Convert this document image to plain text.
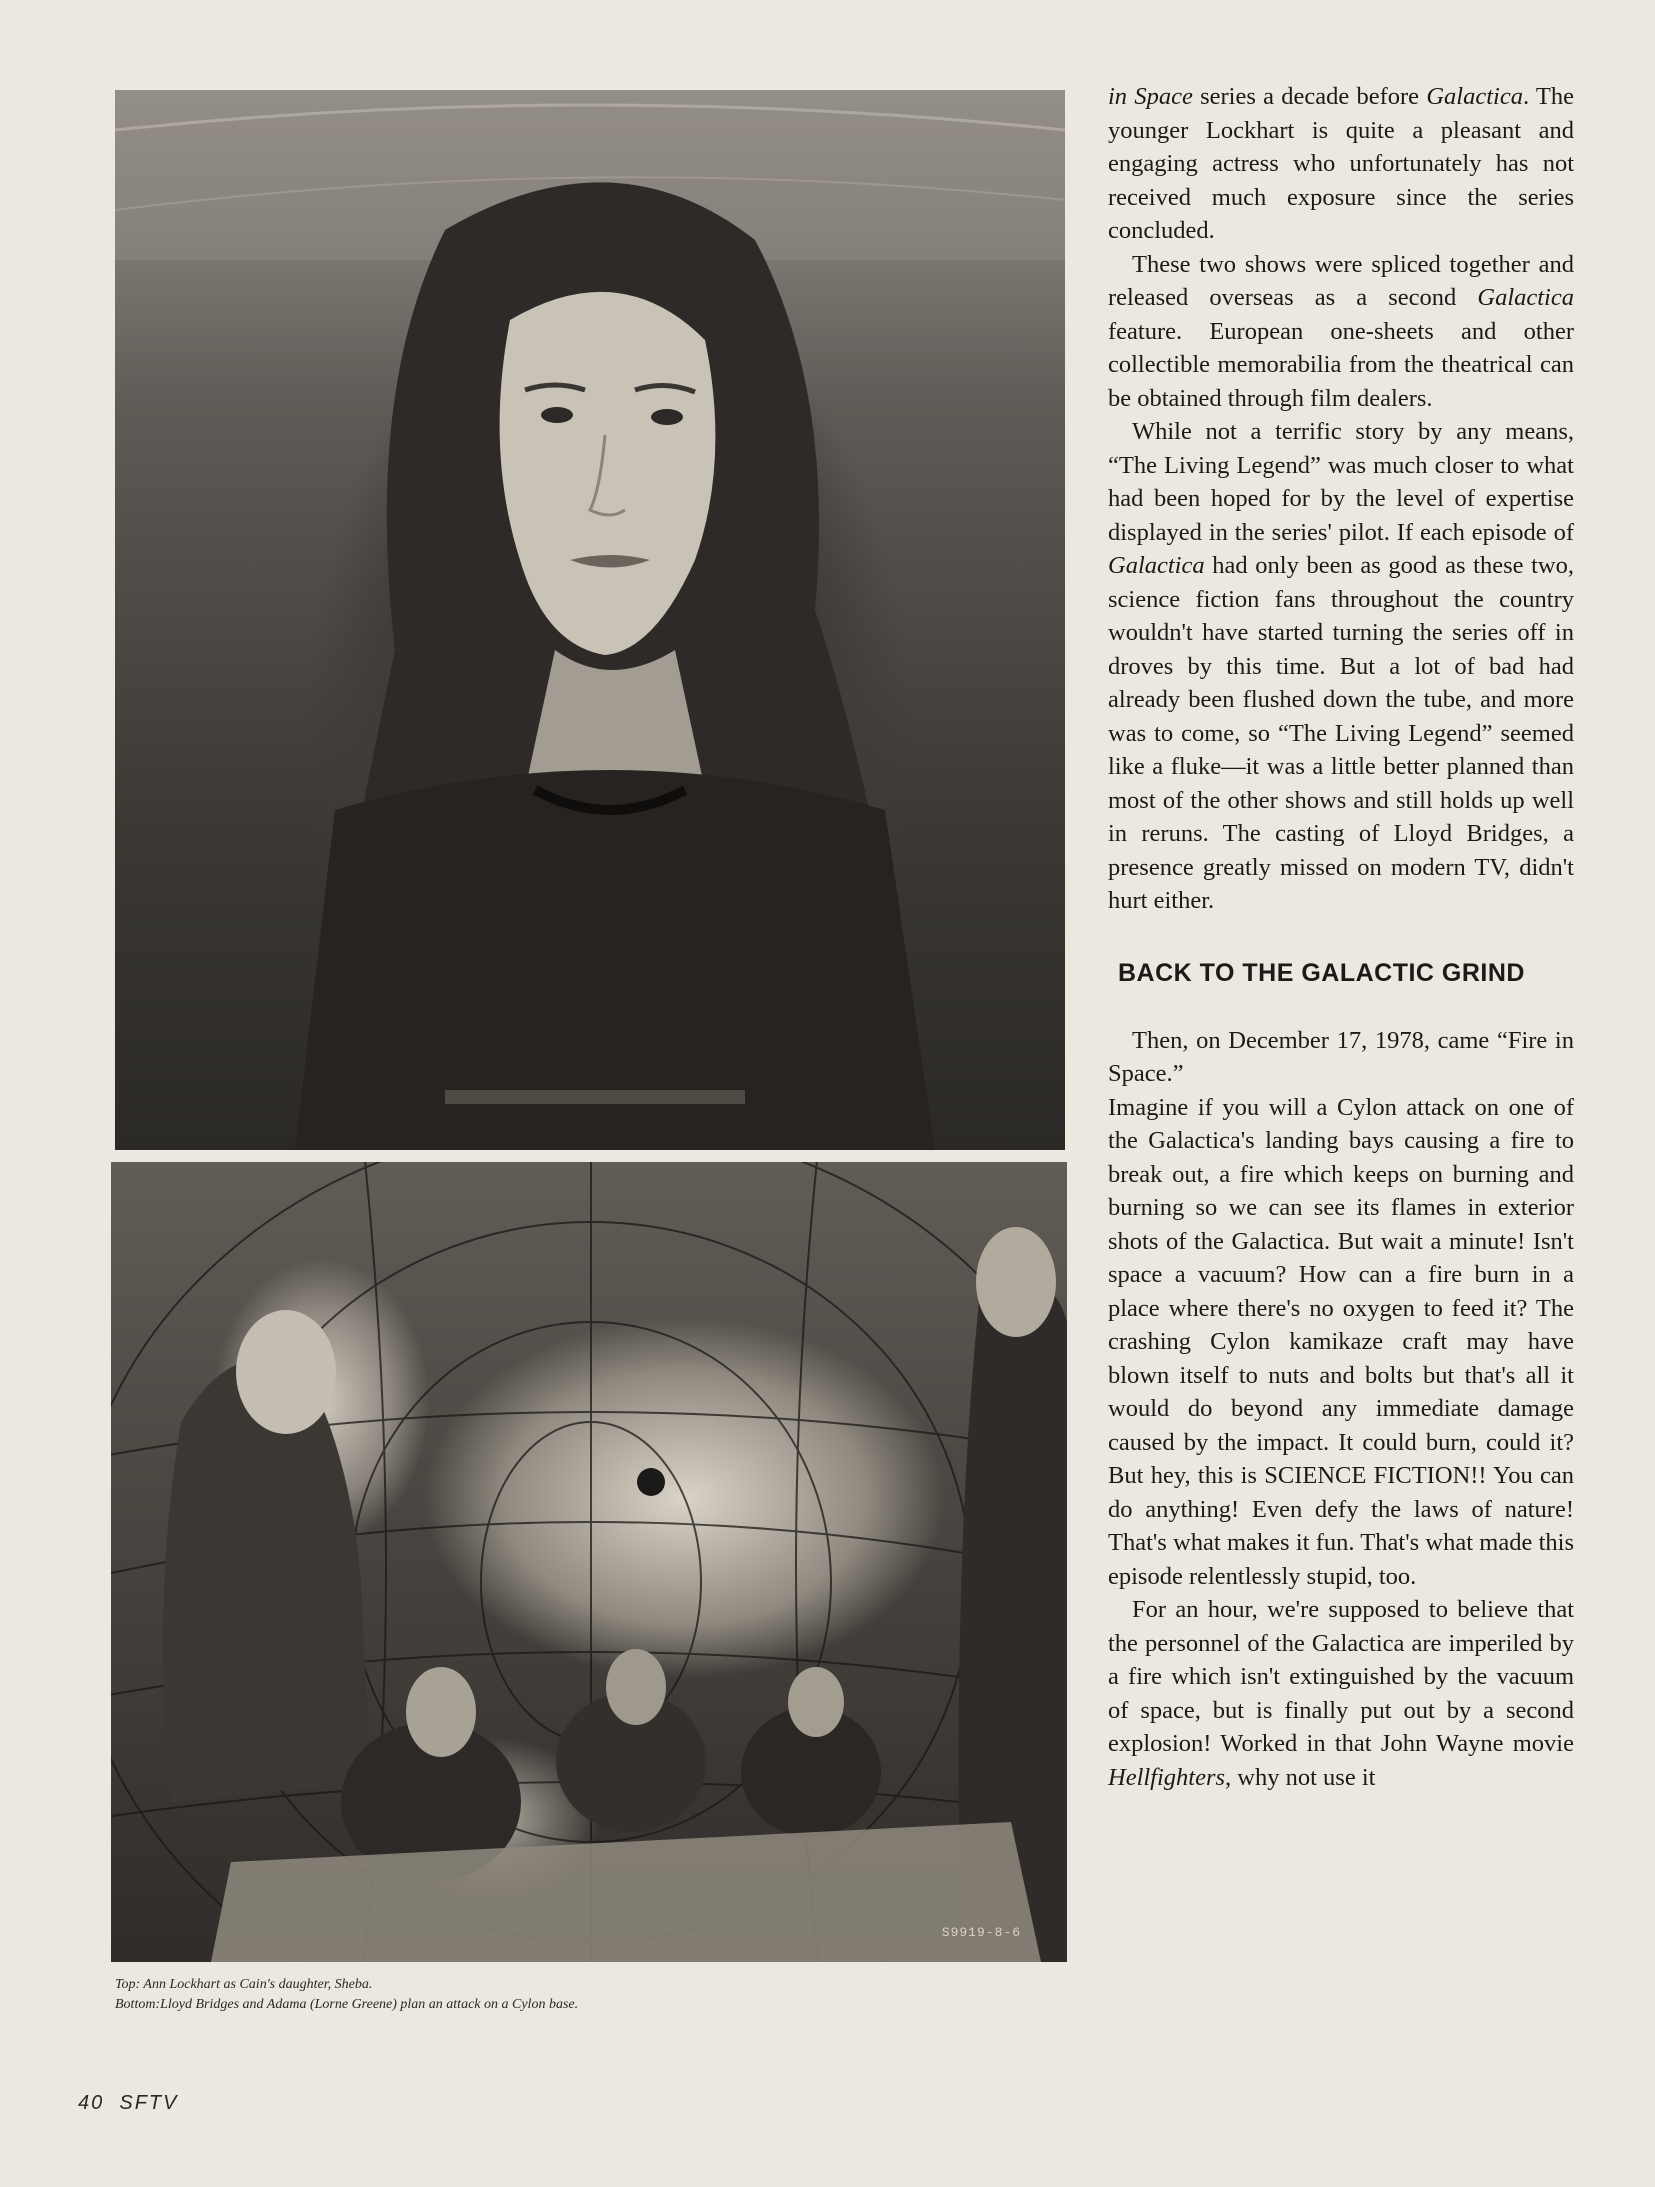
S9919-8-6

Top: Ann Lockhart as Cain's daughter, Sheba.

Bottom:Lloyd Bridges and Adama (Lorne Greene) plan an attack on a Cylon base.

40  SFTV

in Space series a decade before Galactica. The younger Lockhart is quite a pleasant and engaging actress who unfortunately has not received much exposure since the series concluded.

These two shows were spliced together and released overseas as a second Galactica feature. European one-sheets and other collectible memorabilia from the theatrical can be obtained through film dealers.

While not a terrific story by any means, “The Living Legend” was much closer to what had been hoped for by the level of expertise displayed in the series' pilot. If each episode of Galactica had only been as good as these two, science fiction fans throughout the country wouldn't have started turning the series off in droves by this time. But a lot of bad had already been flushed down the tube, and more was to come, so “The Living Legend” seemed like a fluke—it was a little better planned than most of the other shows and still holds up well in reruns. The casting of Lloyd Bridges, a presence greatly missed on modern TV, didn't hurt either.

BACK TO THE GALACTIC GRIND

Then, on December 17, 1978, came “Fire in Space.”

Imagine if you will a Cylon attack on one of the Galactica's landing bays causing a fire to break out, a fire which keeps on burning and burning so we can see its flames in exterior shots of the Galactica. But wait a minute! Isn't space a vacuum? How can a fire burn in a place where there's no oxygen to feed it? The crashing Cylon kamikaze craft may have blown itself to nuts and bolts but that's all it would do beyond any immediate damage caused by the impact. It could burn, could it? But hey, this is SCIENCE FICTION!! You can do anything! Even defy the laws of nature! That's what makes it fun. That's what made this episode relentlessly stupid, too.

For an hour, we're supposed to believe that the personnel of the Galactica are imperiled by a fire which isn't extinguished by the vacuum of space, but is finally put out by a second explosion! Worked in that John Wayne movie Hellfighters, why not use it
